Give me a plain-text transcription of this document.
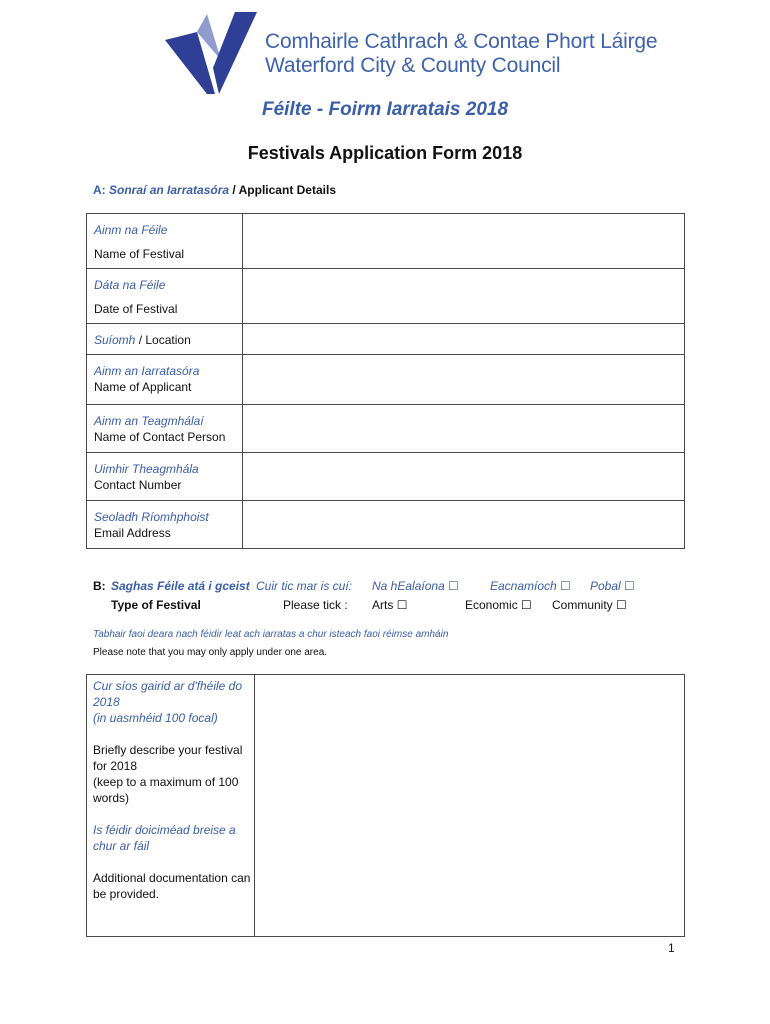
Comhairle Cathrach & Contae Phort Láirge
Waterford City & County Council
Féilte - Foirm Iarratais 2018
Festivals Application Form 2018
A: Sonraí an Iarratasóra / Applicant Details
Ainm na Féile
Name of Festival	

Dáta na Féile
Date of Festival	

Suíomh / Location	

Ainm an Iarratasóra
Name of Applicant	

Ainm an Teagmhálaí
Name of Contact Person	

Uimhir Theagmhála
Contact Number	

Seoladh Ríomhphoist
Email Address	

B: Saghas Féile atá i gceist Cuir tic mar is cuí:
Type of Festival	Please tick :
Na hEalaíona ☐	Eacnamíoch ☐ Pobal ☐
Arts ☐	Economic ☐ Community ☐
Tabhair faoi deara nach féidir leat ach iarratas a chur isteach faoi réimse amháin
Please note that you may only apply under one area.
Cur síos gairid ar d'fhéile do 2018
(in uasmhéid 100 focal)
Briefly describe your festival for 2018
(keep to a maximum of 100 words)
Is féidir doiciméad breise a chur ar fáil
Additional documentation can be provided.

1
